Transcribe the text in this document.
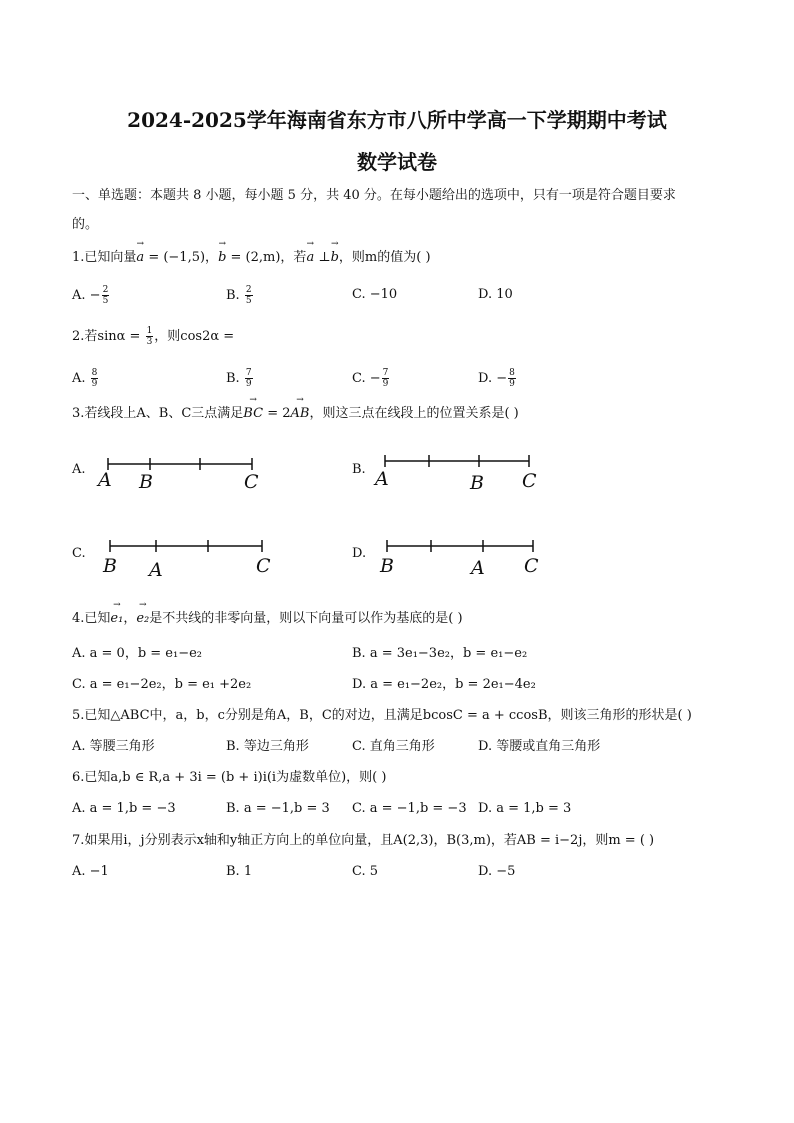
2024-2025学年海南省东方市八所中学高一下学期期中考试
数学试卷
一、单选题：本题共 8 小题，每小题 5 分，共 40 分。在每小题给出的选项中，只有一项是符合题目要求
的。
1.已知向量→ a = (−1,5)，→ b = (2,m)，若→ a ⊥→ b，则m的值为( )
A. − $\frac{2}{5}$	B. $\frac{2}{5}$	C. −10	D. 10
2.若$\sin\alpha = \frac{1}{3}$ ，则cos2α =
A. $\frac{8}{9}$	B. $\frac{7}{9}$	C. − $\frac{7}{9}$	D. − $\frac{8}{9}$
3.若线段上A、B、C三点满足→ BC = 2→ AB，则这三点在线段上的位置关系是( )
A. A B	C
B. A	B C
C.
B A	C
D.
B	A C
4.已知→ e₁，→ e₂是不共线的非零向量，则以下向量可以作为基底的是( )
A. a = 0，b = e₁−e₂	B. a = 3e₁−3e₂，b = e₁−e₂
C. a = e₁−2e₂，b = e₁ +2e₂	D. a = e₁−2e₂，b = 2e₁−4e₂
5.已知△ABC中，a，b，c分别是角A，B，C的对边，且满足bcosC = a + ccosB，则该三角形的形状是( )
A. 等腰三角形	B. 等边三角形	C. 直角三角形	D. 等腰或直角三角形
6.已知a,b ∈ R,a + 3i = (b + i)i(i为虚数单位)，则( )
A. a = 1,b = −3	B. a = −1,b = 3 C. a = −1,b = −3 D. a = 1,b = 3
7.如果用i，j分别表示x轴和y轴正方向上的单位向量，且A(2,3)，B(3,m)，若AB = i−2j，则m = ( )
A. −1	B. 1	C. 5	D. −5
